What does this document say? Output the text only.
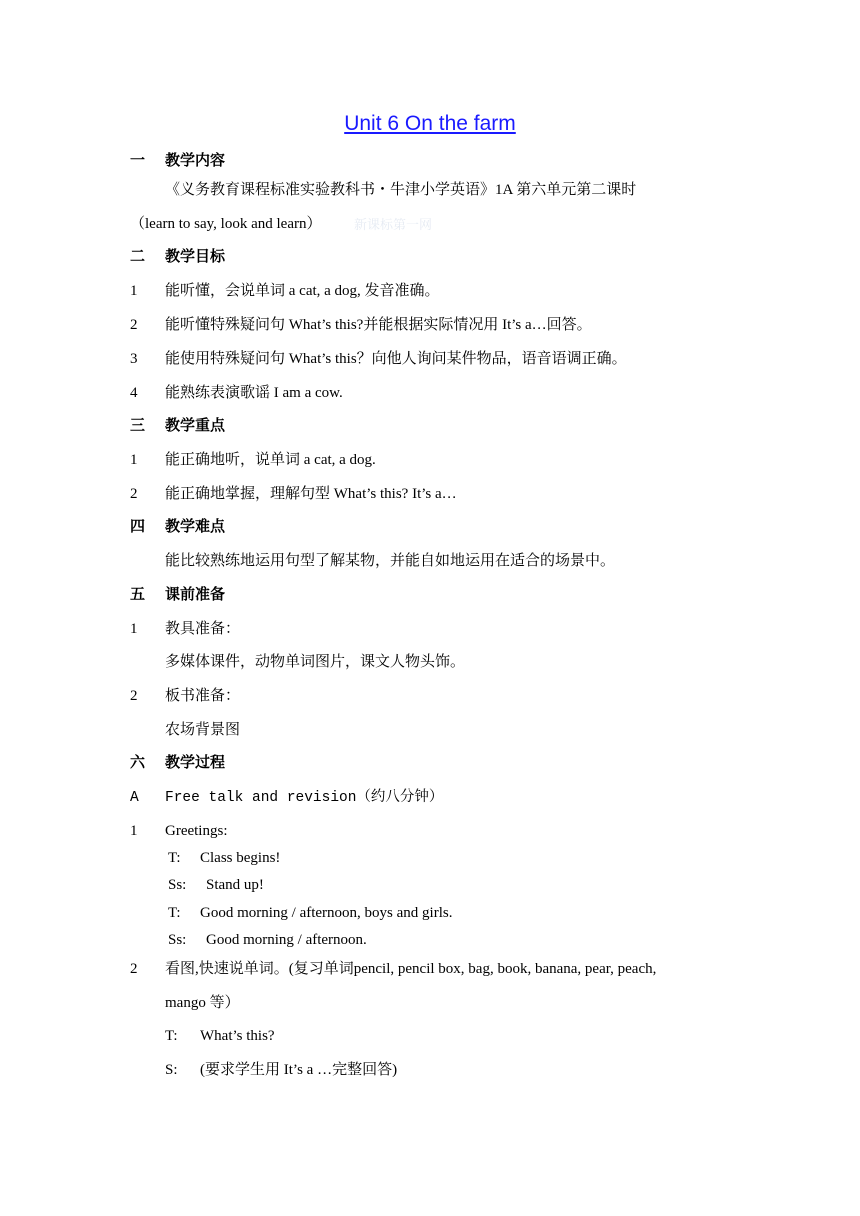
Unit 6 On the farm
一 教学内容
《义务教育课程标准实验教科书・牛津小学英语》1A 第六单元第二课时
（learn to say, look and learn）	新课标第一网
二 教学目标
1 能听懂，会说单词 a cat, a dog, 发音准确。
2 能听懂特殊疑问句 What’s this?并能根据实际情况用 It’s a…回答。
3 能使用特殊疑问句 What’s this？向他人询问某件物品，语音语调正确。
4 能熟练表演歌谣 I am a cow.
三 教学重点
1 能正确地听，说单词 a cat, a dog.
2 能正确地掌握，理解句型 What’s this? It’s a…
四 教学难点
能比较熟练地运用句型了解某物，并能自如地运用在适合的场景中。
五 课前准备
1 教具准备：
多媒体课件，动物单词图片，课文人物头饰。
2 板书准备：
农场背景图
六 教学过程
A Free talk and revision（约八分钟）
1 Greetings:
T: Class begins!
Ss: Stand up!
T: Good morning / afternoon, boys and girls.
Ss: Good morning / afternoon.
2 看图,快速说单词。(复习单词pencil, pencil box, bag, book, banana, pear, peach,
mango 等）
T: What’s this?
S: (要求学生用 It’s a …完整回答)
